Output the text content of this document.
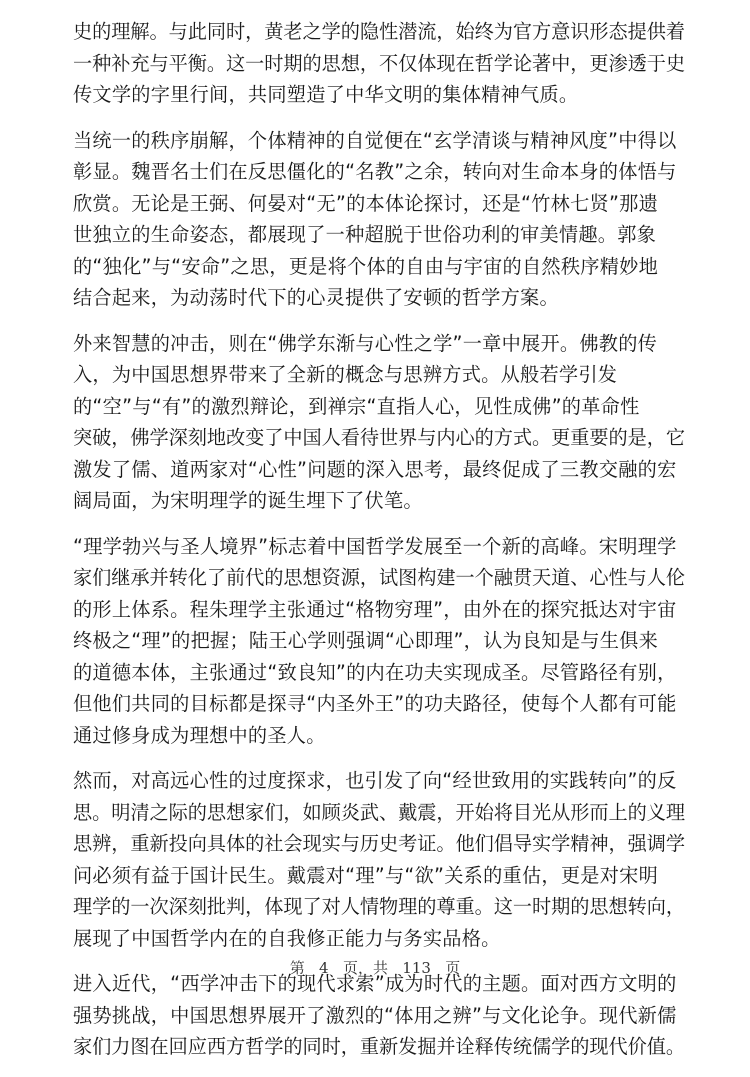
史的理解。与此同时，黄老之学的隐性潜流，始终为官方意识形态提供着
一种补充与平衡。这一时期的思想，不仅体现在哲学论著中，更渗透于史
传文学的字里行间，共同塑造了中华文明的集体精神气质。

当统一的秩序崩解，个体精神的自觉便在“玄学清谈与精神风度”中得以
彰显。魏晋名士们在反思僵化的“名教”之余，转向对生命本身的体悟与
欣赏。无论是王弼、何晏对“无”的本体论探讨，还是“竹林七贤”那遗
世独立的生命姿态，都展现了一种超脱于世俗功利的审美情趣。郭象
的“独化”与“安命”之思，更是将个体的自由与宇宙的自然秩序精妙地
结合起来，为动荡时代下的心灵提供了安顿的哲学方案。

外来智慧的冲击，则在“佛学东渐与心性之学”一章中展开。佛教的传
入，为中国思想界带来了全新的概念与思辨方式。从般若学引发
的“空”与“有”的激烈辩论，到禅宗“直指人心，见性成佛”的革命性
突破，佛学深刻地改变了中国人看待世界与内心的方式。更重要的是，它
激发了儒、道两家对“心性”问题的深入思考，最终促成了三教交融的宏
阔局面，为宋明理学的诞生埋下了伏笔。

“理学勃兴与圣人境界”标志着中国哲学发展至一个新的高峰。宋明理学
家们继承并转化了前代的思想资源，试图构建一个融贯天道、心性与人伦
的形上体系。程朱理学主张通过“格物穷理”，由外在的探究抵达对宇宙
终极之“理”的把握；陆王心学则强调“心即理”，认为良知是与生俱来
的道德本体，主张通过“致良知”的内在功夫实现成圣。尽管路径有别，
但他们共同的目标都是探寻“内圣外王”的功夫路径，使每个人都有可能
通过修身成为理想中的圣人。

然而，对高远心性的过度探求，也引发了向“经世致用的实践转向”的反
思。明清之际的思想家们，如顾炎武、戴震，开始将目光从形而上的义理
思辨，重新投向具体的社会现实与历史考证。他们倡导实学精神，强调学
问必须有益于国计民生。戴震对“理”与“欲”关系的重估，更是对宋明
理学的一次深刻批判，体现了对人情物理的尊重。这一时期的思想转向，
展现了中国哲学内在的自我修正能力与务实品格。

进入近代，“西学冲击下的现代求索”成为时代的主题。面对西方文明的
强势挑战，中国思想界展开了激烈的“体用之辨”与文化论争。现代新儒
家们力图在回应西方哲学的同时，重新发掘并诠释传统儒学的现代价值。

第 4 页，共 113 页
